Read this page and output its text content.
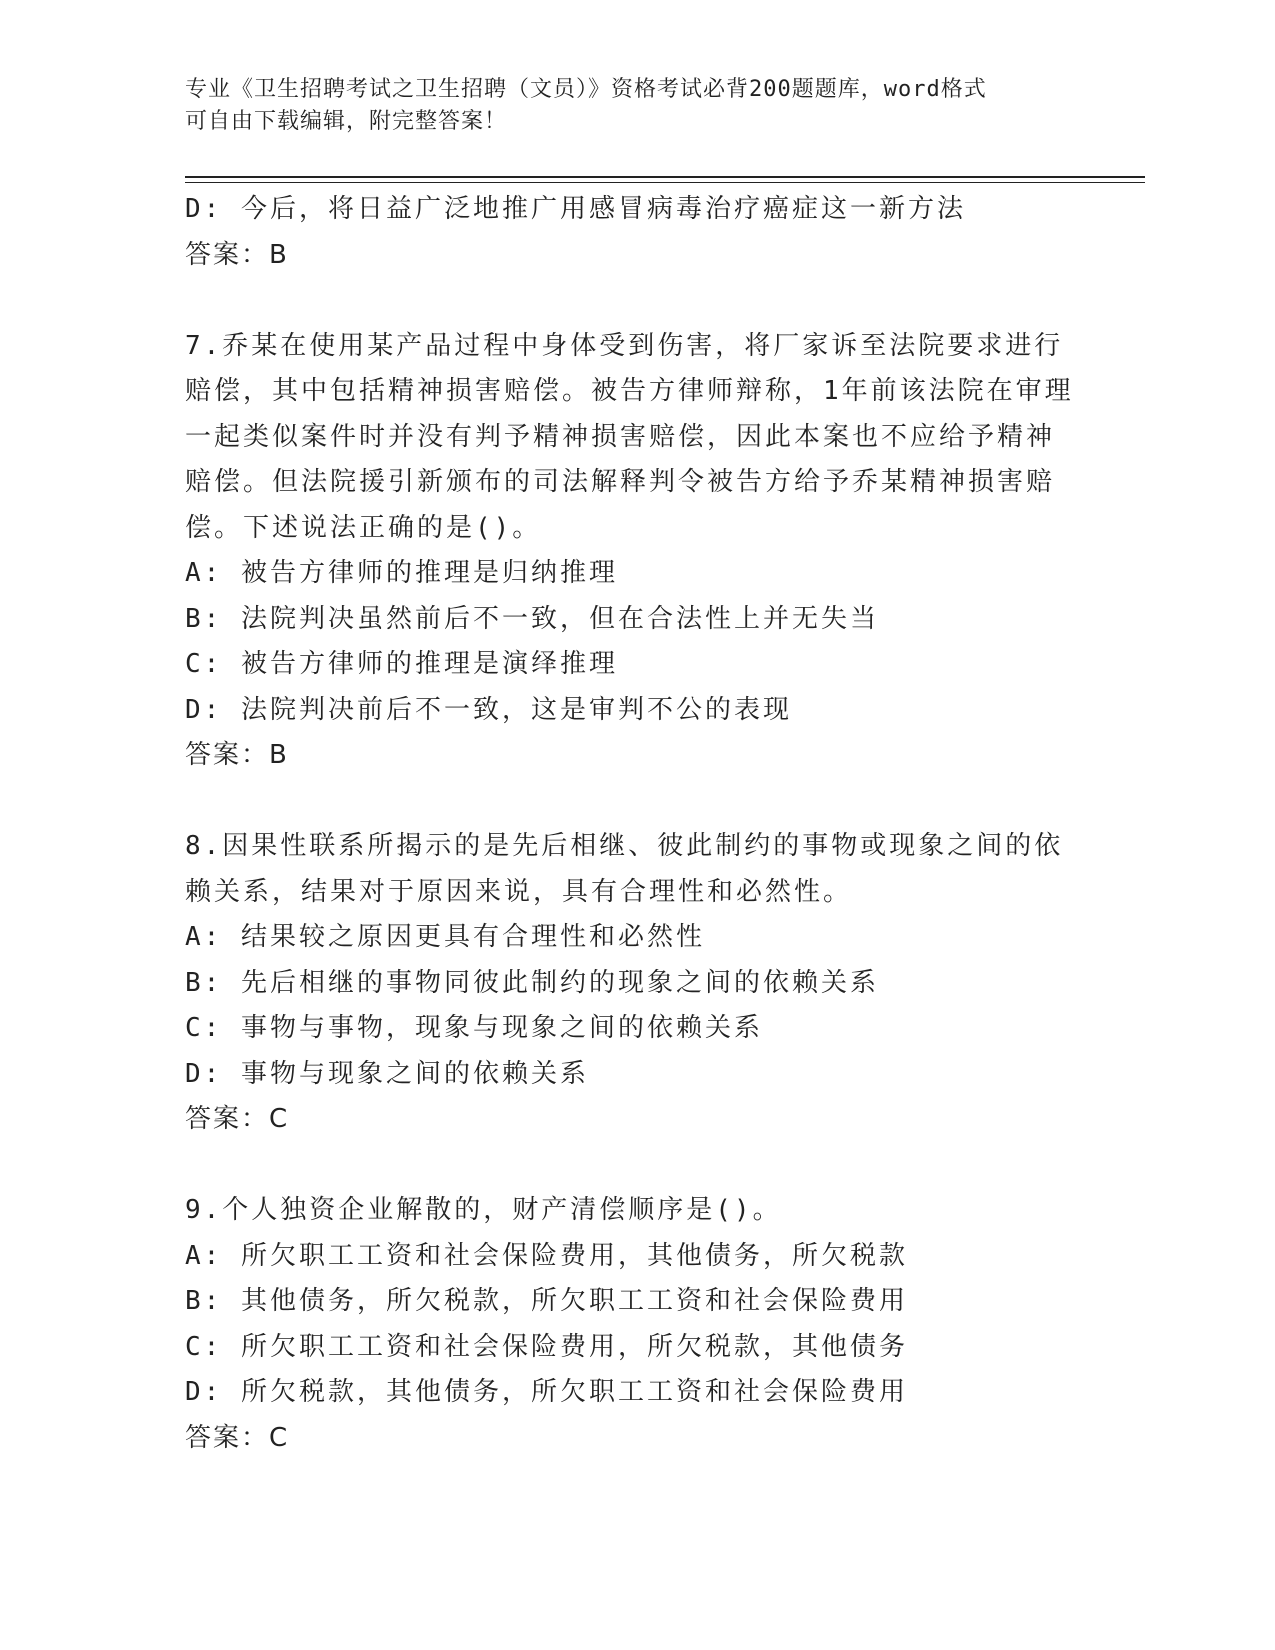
专业《卫生招聘考试之卫生招聘（文员）》资格考试必背200题题库，word格式
可自由下载编辑，附完整答案！
D: 今后，将日益广泛地推广用感冒病毒治疗癌症这一新方法
答案：B
7.乔某在使用某产品过程中身体受到伤害，将厂家诉至法院要求进行
赔偿，其中包括精神损害赔偿。被告方律师辩称，1年前该法院在审理
一起类似案件时并没有判予精神损害赔偿，因此本案也不应给予精神
赔偿。但法院援引新颁布的司法解释判令被告方给予乔某精神损害赔
偿。下述说法正确的是()。
A: 被告方律师的推理是归纳推理
B: 法院判决虽然前后不一致，但在合法性上并无失当
C: 被告方律师的推理是演绎推理
D: 法院判决前后不一致，这是审判不公的表现
答案：B
8.因果性联系所揭示的是先后相继、彼此制约的事物或现象之间的依
赖关系，结果对于原因来说，具有合理性和必然性。
A: 结果较之原因更具有合理性和必然性
B: 先后相继的事物同彼此制约的现象之间的依赖关系
C: 事物与事物，现象与现象之间的依赖关系
D: 事物与现象之间的依赖关系
答案：C
9.个人独资企业解散的，财产清偿顺序是()。
A: 所欠职工工资和社会保险费用，其他债务，所欠税款
B: 其他债务，所欠税款，所欠职工工资和社会保险费用
C: 所欠职工工资和社会保险费用，所欠税款，其他债务
D: 所欠税款，其他债务，所欠职工工资和社会保险费用
答案：C
